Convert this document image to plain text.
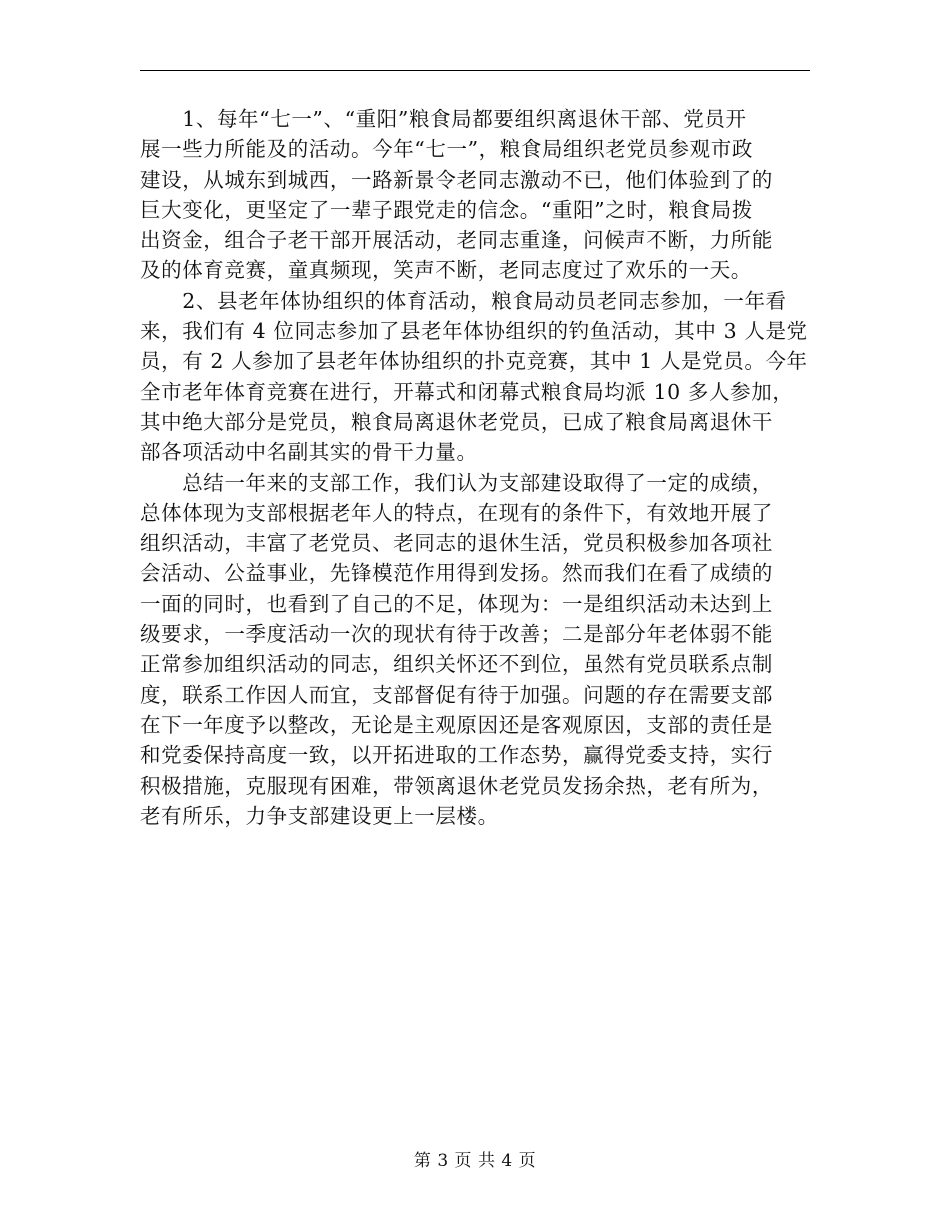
　　1、每年“七一”、“重阳”粮食局都要组织离退休干部、党员开
展一些力所能及的活动。今年“七一”，粮食局组织老党员参观市政
建设，从城东到城西，一路新景令老同志激动不已，他们体验到了的
巨大变化，更坚定了一辈子跟党走的信念。“重阳”之时，粮食局拨
出资金，组合子老干部开展活动，老同志重逢，问候声不断，力所能
及的体育竞赛，童真频现，笑声不断，老同志度过了欢乐的一天。

　　2、县老年体协组织的体育活动，粮食局动员老同志参加，一年看
来，我们有 4 位同志参加了县老年体协组织的钓鱼活动，其中 3 人是党
员，有 2 人参加了县老年体协组织的扑克竞赛，其中 1 人是党员。今年
全市老年体育竞赛在进行，开幕式和闭幕式粮食局均派 10 多人参加，
其中绝大部分是党员，粮食局离退休老党员，已成了粮食局离退休干
部各项活动中名副其实的骨干力量。

　　总结一年来的支部工作，我们认为支部建设取得了一定的成绩，
总体体现为支部根据老年人的特点，在现有的条件下，有效地开展了
组织活动，丰富了老党员、老同志的退休生活，党员积极参加各项社
会活动、公益事业，先锋模范作用得到发扬。然而我们在看了成绩的
一面的同时，也看到了自己的不足，体现为：一是组织活动未达到上
级要求，一季度活动一次的现状有待于改善；二是部分年老体弱不能
正常参加组织活动的同志，组织关怀还不到位，虽然有党员联系点制
度，联系工作因人而宜，支部督促有待于加强。问题的存在需要支部
在下一年度予以整改，无论是主观原因还是客观原因，支部的责任是
和党委保持高度一致，以开拓进取的工作态势，赢得党委支持，实行
积极措施，克服现有困难，带领离退休老党员发扬余热，老有所为，
老有所乐，力争支部建设更上一层楼。

第 3 页 共 4 页
